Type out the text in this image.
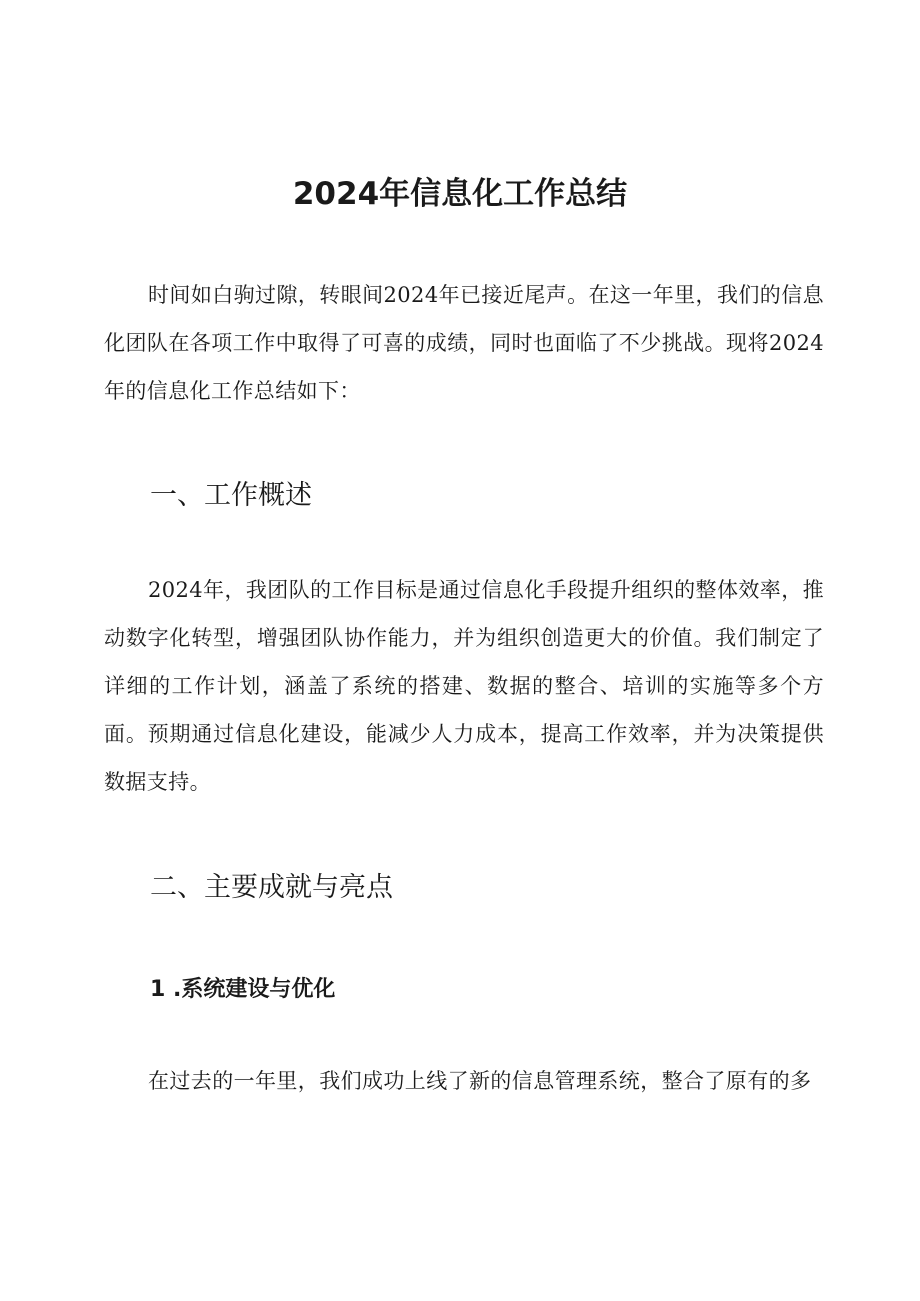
2024年信息化工作总结

时间如白驹过隙，转眼间2024年已接近尾声。在这一年里，我们的信息化团队在各项工作中取得了可喜的成绩，同时也面临了不少挑战。现将2024年的信息化工作总结如下：

一、工作概述

2024年，我团队的工作目标是通过信息化手段提升组织的整体效率，推动数字化转型，增强团队协作能力，并为组织创造更大的价值。我们制定了详细的工作计划，涵盖了系统的搭建、数据的整合、培训的实施等多个方面。预期通过信息化建设，能减少人力成本，提高工作效率，并为决策提供数据支持。

二、主要成就与亮点
1 .系统建设与优化

在过去的一年里，我们成功上线了新的信息管理系统，整合了原有的多
